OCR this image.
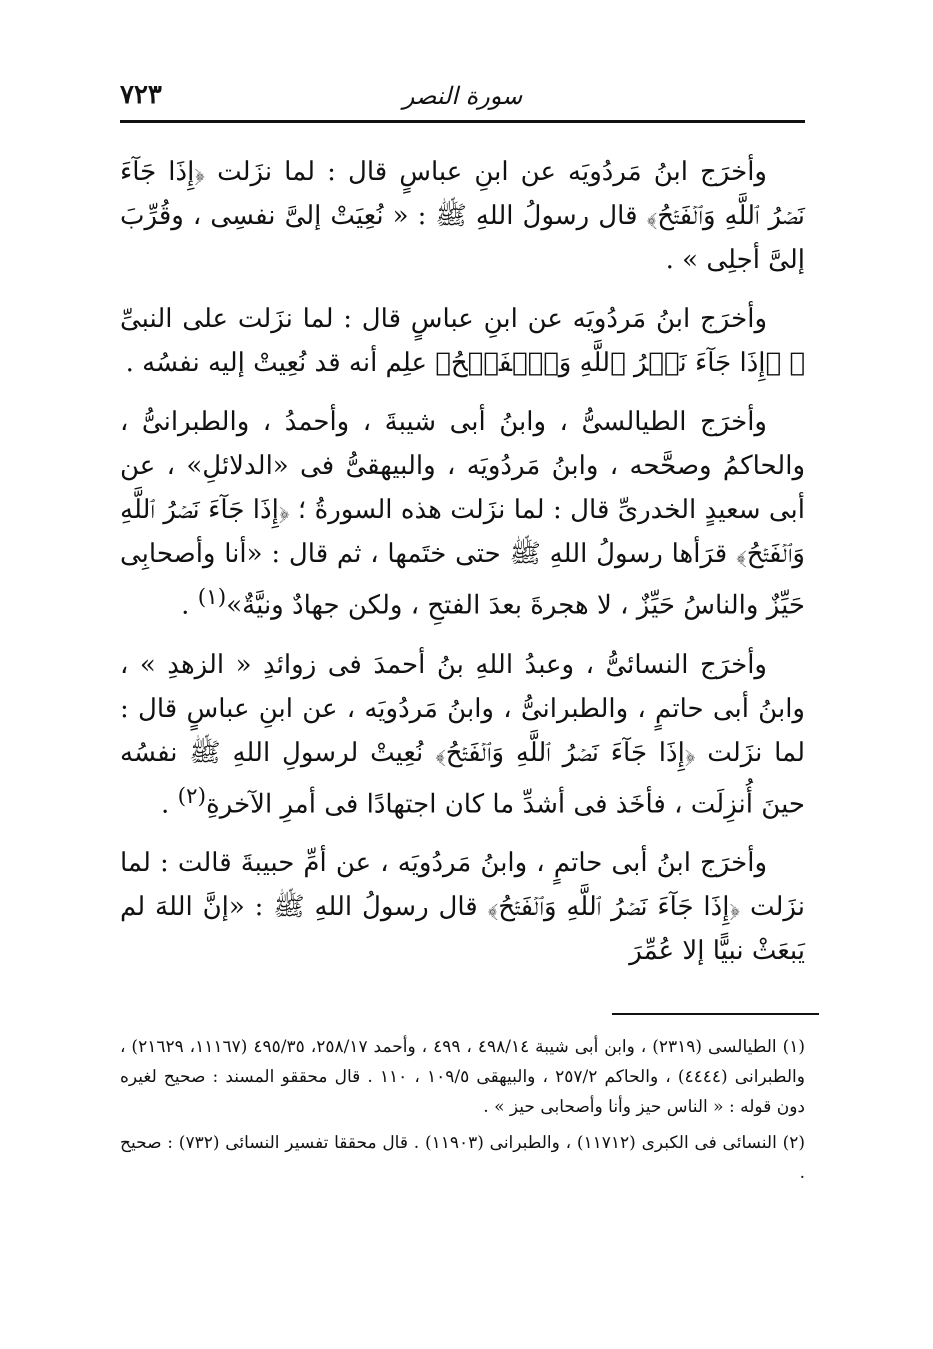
٧٢٣	سورة النصر

وأخرَج ابنُ مَردُويَه عن ابنِ عباسٍ قال : لما نزَلت ﴿إِذَا جَآءَ نَصۡرُ ٱللَّهِ وَٱلۡفَتۡحُ﴾ قال رسولُ اللهِ ﷺ : « نُعِيَتْ إلىَّ نفسِى ، وقُرِّبَ إلىَّ أجلِى » .

وأخرَج ابنُ مَردُويَه عن ابنِ عباسٍ قال : لما نزَلت على النبىِّ ﷺ ﴿إِذَا جَآءَ نَصۡرُ ٱللَّهِ وَٱلۡفَتۡحُ﴾ علِم أنه قد نُعِيتْ إليه نفسُه .

وأخرَج الطيالسىُّ ، وابنُ أبى شيبةَ ، وأحمدُ ، والطبرانىُّ ، والحاكمُ وصحَّحه ، وابنُ مَردُويَه ، والبيهقىُّ فى «الدلائلِ» ، عن أبى سعيدٍ الخدرىِّ قال : لما نزَلت هذه السورةُ ؛ ﴿إِذَا جَآءَ نَصۡرُ ٱللَّهِ وَٱلۡفَتۡحُ﴾ قرَأها رسولُ اللهِ ﷺ حتى ختَمها ، ثم قال : «أنا وأصحابِى حَيِّزٌ والناسُ حَيِّزٌ ، لا هجرةَ بعدَ الفتحِ ، ولكن جهادٌ ونيَّةٌ»$^{(١)}$ .

وأخرَج النسائىُّ ، وعبدُ اللهِ بنُ أحمدَ فى زوائدِ « الزهدِ » ، وابنُ أبى حاتمٍ ، والطبرانىُّ ، وابنُ مَردُويَه ، عن ابنِ عباسٍ قال : لما نزَلت ﴿إِذَا جَآءَ نَصۡرُ ٱللَّهِ وَٱلۡفَتۡحُ﴾ نُعِيتْ لرسولِ اللهِ ﷺ نفسُه حينَ أُنزِلَت ، فأخَذ فى أشدِّ ما كان اجتهادًا فى أمرِ الآخرةِ$^{(٢)}$ .

وأخرَج ابنُ أبى حاتمٍ ، وابنُ مَردُويَه ، عن أمِّ حبيبةَ قالت : لما نزَلت ﴿إِذَا جَآءَ نَصۡرُ ٱللَّهِ وَٱلۡفَتۡحُ﴾ قال رسولُ اللهِ ﷺ : «إنَّ اللهَ لم يَبعَثْ نبيًّا إلا عُمِّرَ

(١) الطيالسى (٢٣١٩) ، وابن أبى شيبة ٤٩٨/١٤ ، ٤٩٩ ، وأحمد ٢٥٨/١٧، ٤٩٥/٣٥ (١١١٦٧، ٢١٦٢٩) ، والطبرانى (٤٤٤٤) ، والحاكم ٢٥٧/٢ ، والبيهقى ١٠٩/٥ ، ١١٠ . قال محققو المسند : صحيح لغيره دون قوله : « الناس حيز وأنا وأصحابى حيز » .

(٢) النسائى فى الكبرى (١١٧١٢) ، والطبرانى (١١٩٠٣) . قال محققا تفسير النسائى (٧٣٢) : صحيح .
